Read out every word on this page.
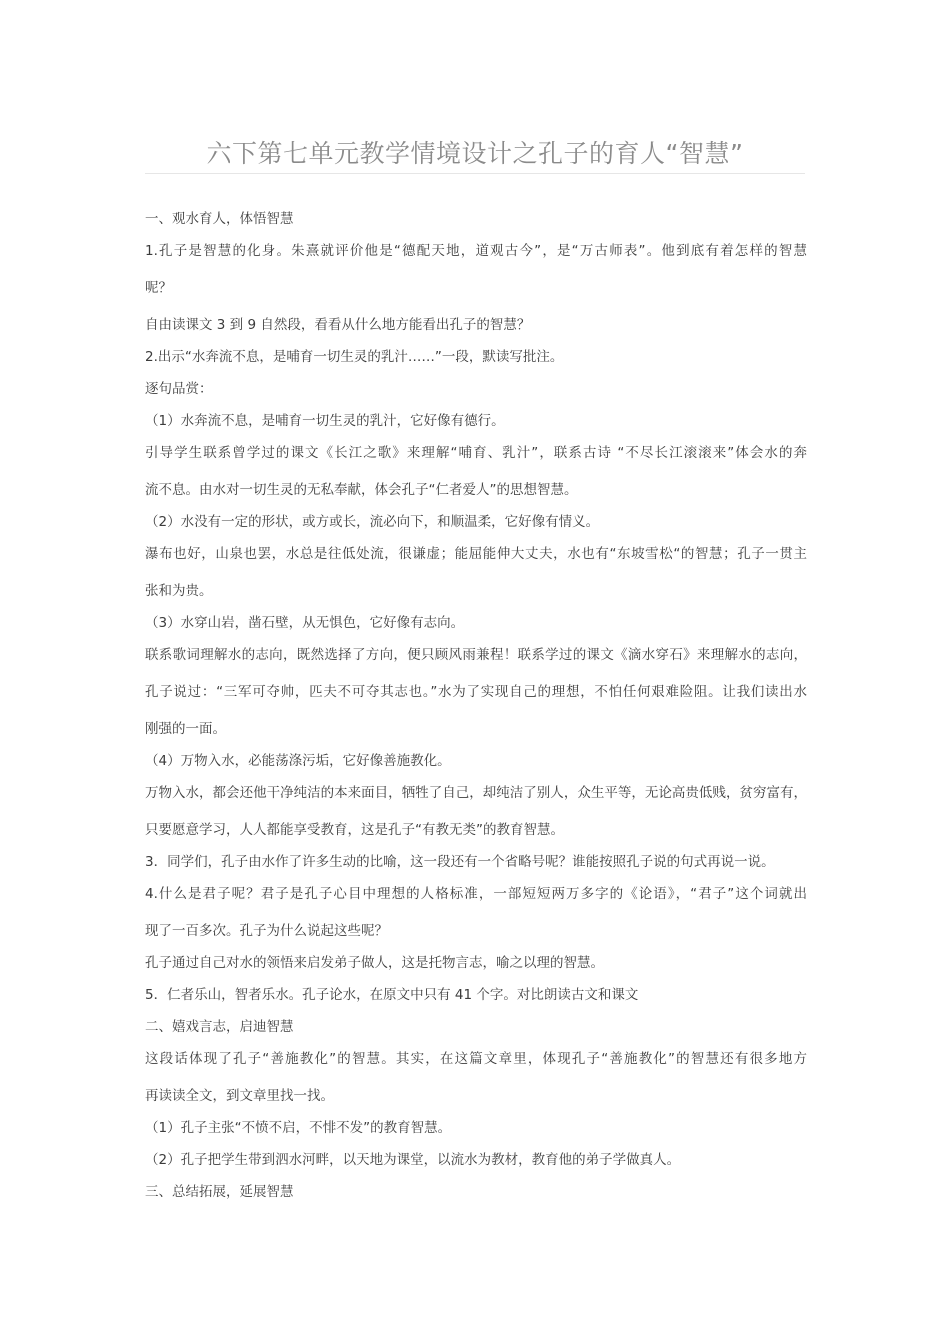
六下第七单元教学情境设计之孔子的育人“智慧”
一、观水育人，体悟智慧
1.孔子是智慧的化身。朱熹就评价他是“德配天地，道观古今”，是“万古师表”。他到底有着怎样的智慧
呢？
自由读课文 3 到 9 自然段，看看从什么地方能看出孔子的智慧？
2.出示“水奔流不息，是哺育一切生灵的乳汁……”一段，默读写批注。
逐句品赏：
（1）水奔流不息，是哺育一切生灵的乳汁，它好像有德行。
引导学生联系曾学过的课文《长江之歌》来理解“哺育、乳汁”，联系古诗 “不尽长江滚滚来”体会水的奔
流不息。由水对一切生灵的无私奉献，体会孔子“仁者爱人”的思想智慧。
（2）水没有一定的形状，或方或长，流必向下，和顺温柔，它好像有情义。
瀑布也好，山泉也罢，水总是往低处流，很谦虚；能屈能伸大丈夫，水也有“东坡雪松“的智慧；孔子一贯主
张和为贵。
（3）水穿山岩，凿石壁，从无惧色，它好像有志向。
联系歌词理解水的志向，既然选择了方向，便只顾风雨兼程！联系学过的课文《滴水穿石》来理解水的志向，
孔子说过：“三军可夺帅，匹夫不可夺其志也。”水为了实现自己的理想，不怕任何艰难险阻。让我们读出水
刚强的一面。
（4）万物入水，必能荡涤污垢，它好像善施教化。
万物入水，都会还他干净纯洁的本来面目，牺牲了自己，却纯洁了别人，众生平等，无论高贵低贱，贫穷富有，
只要愿意学习，人人都能享受教育，这是孔子“有教无类”的教育智慧。
3．同学们，孔子由水作了许多生动的比喻，这一段还有一个省略号呢？谁能按照孔子说的句式再说一说。
4.什么是君子呢？君子是孔子心目中理想的人格标准，一部短短两万多字的《论语》，“君子”这个词就出
现了一百多次。孔子为什么说起这些呢？
孔子通过自己对水的领悟来启发弟子做人，这是托物言志，喻之以理的智慧。
5．仁者乐山，智者乐水。孔子论水，在原文中只有 41 个字。对比朗读古文和课文
二、嬉戏言志，启迪智慧
这段话体现了孔子“善施教化”的智慧。其实，在这篇文章里，体现孔子“善施教化”的智慧还有很多地方
再读读全文，到文章里找一找。
（1）孔子主张“不愤不启，不悱不发”的教育智慧。
（2）孔子把学生带到泗水河畔，以天地为课堂，以流水为教材，教育他的弟子学做真人。
三、总结拓展，延展智慧
